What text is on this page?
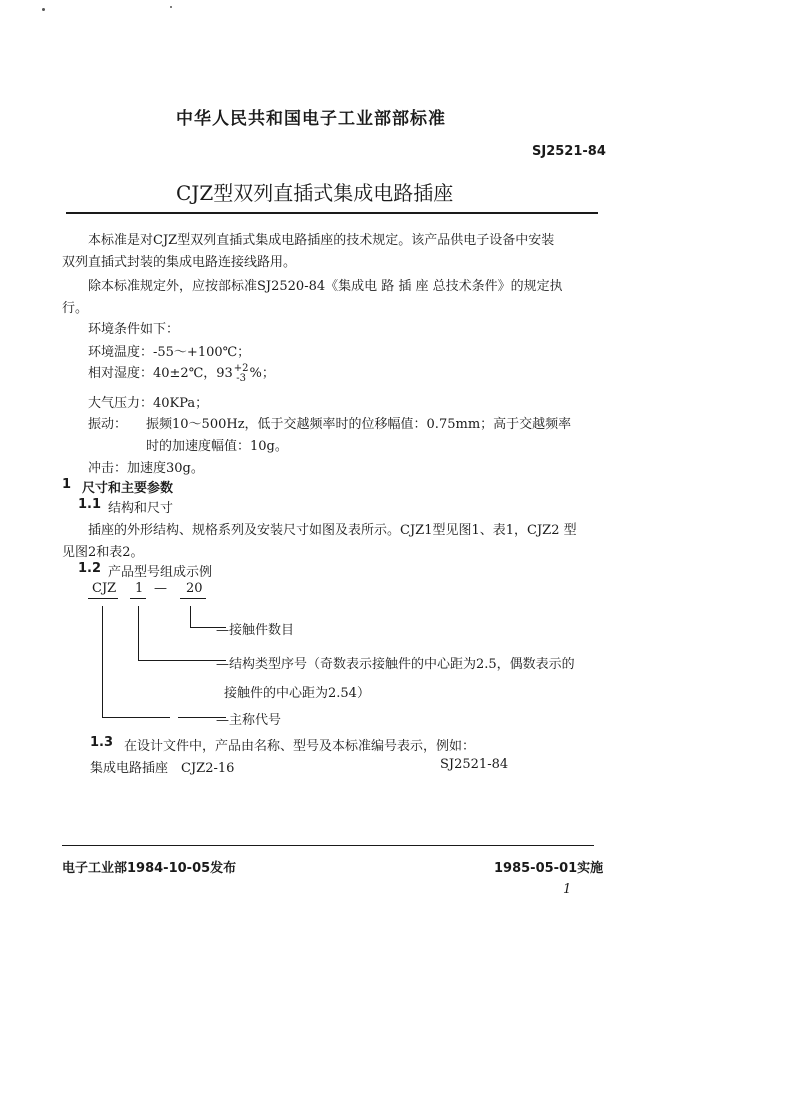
中华人民共和国电子工业部部标准
SJ2521-84
CJZ型双列直插式集成电路插座
本标准是对CJZ型双列直插式集成电路插座的技术规定。该产品供电子设备中安装
双列直插式封装的集成电路连接线路用。
除本标准规定外，应按部标准SJ2520-84《集成电 路 插 座 总技术条件》的规定执
行。
环境条件如下：
环境温度：-55～+100℃；
相对湿度：40±2℃，93 +2
-3 %；
大气压力：40KPa；
振动： 振频10～500Hz，低于交越频率时的位移幅值：0.75mm；高于交越频率
时的加速度幅值：10g。
冲击：加速度30g。
1 尺寸和主要参数
1.1 结构和尺寸
插座的外形结构、规格系列及安装尺寸如图及表所示。CJZ1型见图1、表1，CJZ2 型
见图2和表2。
1.2 产品型号组成示例
CJZ 1 — 20
—接触件数目
—结构类型序号（奇数表示接触件的中心距为2.5，偶数表示的
接触件的中心距为2.54）
—主称代号
1.3 在设计文件中，产品由名称、型号及本标准编号表示，例如：
集成电路插座　CJZ2-16	SJ2521-84
电子工业部1984-10-05发布	1985-05-01实施
1
